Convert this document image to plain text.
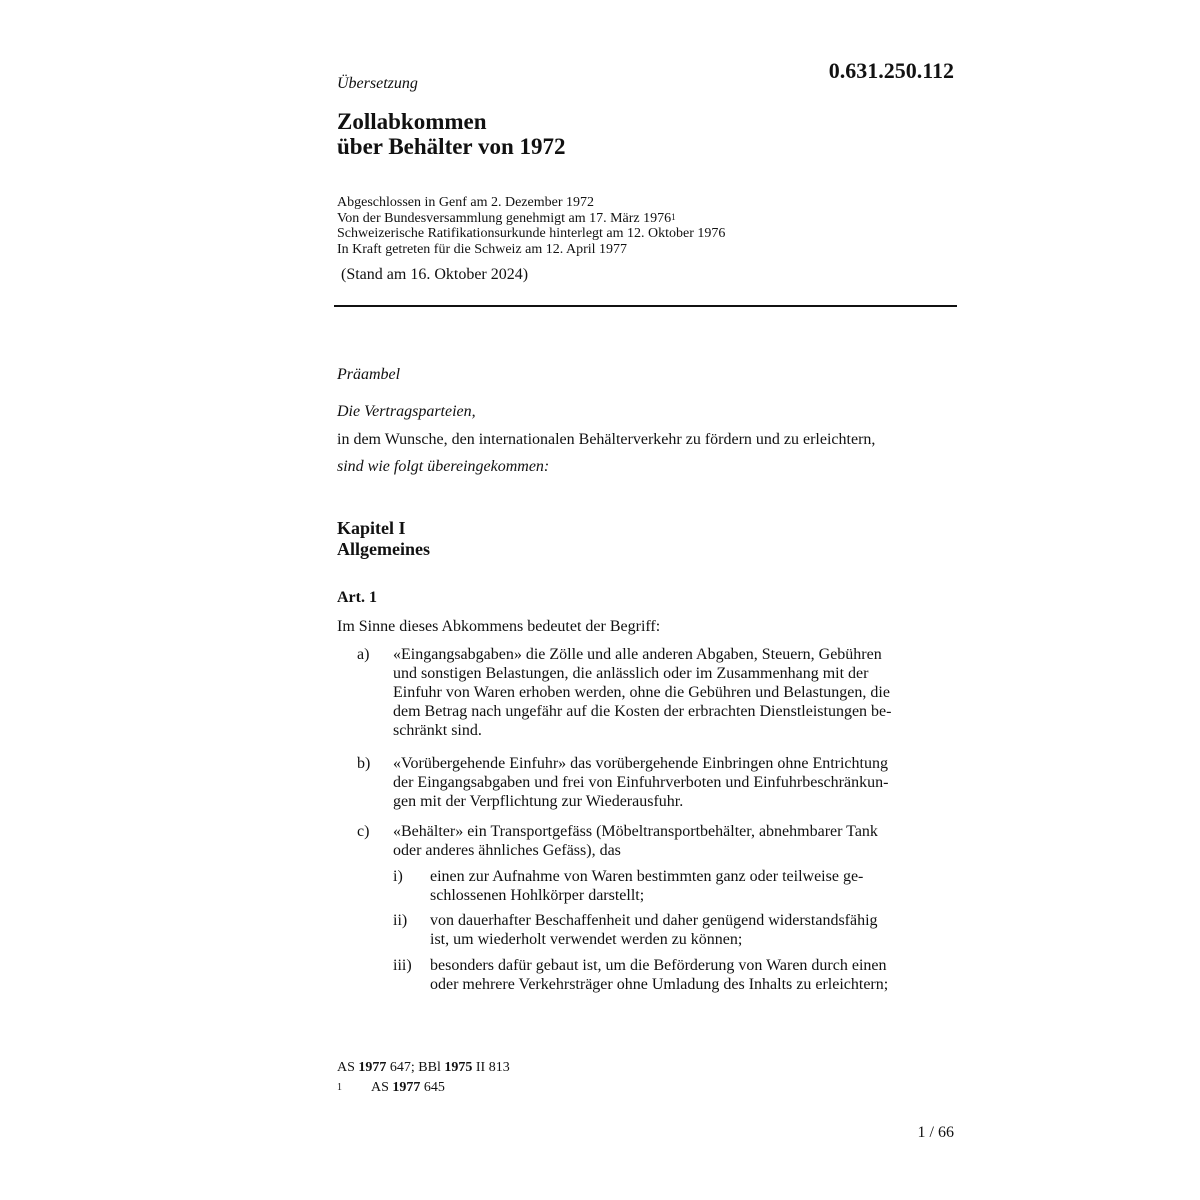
0.631.250.112
Übersetzung
Zollabkommen
über Behälter von 1972
Abgeschlossen in Genf am 2. Dezember 1972
Von der Bundesversammlung genehmigt am 17. März 1976$^1$
Schweizerische Ratifikationsurkunde hinterlegt am 12. Oktober 1976
In Kraft getreten für die Schweiz am 12. April 1977
(Stand am 16. Oktober 2024)
Präambel
Die Vertragsparteien,
in dem Wunsche, den internationalen Behälterverkehr zu fördern und zu erleichtern,
sind wie folgt übereingekommen:
Kapitel I
Allgemeines
Art. 1
Im Sinne dieses Abkommens bedeutet der Begriff:
a) «Eingangsabgaben» die Zölle und alle anderen Abgaben, Steuern, Gebühren
und sonstigen Belastungen, die anlässlich oder im Zusammenhang mit der
Einfuhr von Waren erhoben werden, ohne die Gebühren und Belastungen, die
dem Betrag nach ungefähr auf die Kosten der erbrachten Dienstleistungen be-
schränkt sind.
b) «Vorübergehende Einfuhr» das vorübergehende Einbringen ohne Entrichtung
der Eingangsabgaben und frei von Einfuhrverboten und Einfuhrbeschränkun-
gen mit der Verpflichtung zur Wiederausfuhr.
c) «Behälter» ein Transportgefäss (Möbeltransportbehälter, abnehmbarer Tank
oder anderes ähnliches Gefäss), das
i) einen zur Aufnahme von Waren bestimmten ganz oder teilweise ge-
schlossenen Hohlkörper darstellt;
ii) von dauerhafter Beschaffenheit und daher genügend widerstandsfähig
ist, um wiederholt verwendet werden zu können;
iii) besonders dafür gebaut ist, um die Beförderung von Waren durch einen
oder mehrere Verkehrsträger ohne Umladung des Inhalts zu erleichtern;
AS 1977 647; BBl 1975 II 813
1 AS 1977 645
1 / 66
